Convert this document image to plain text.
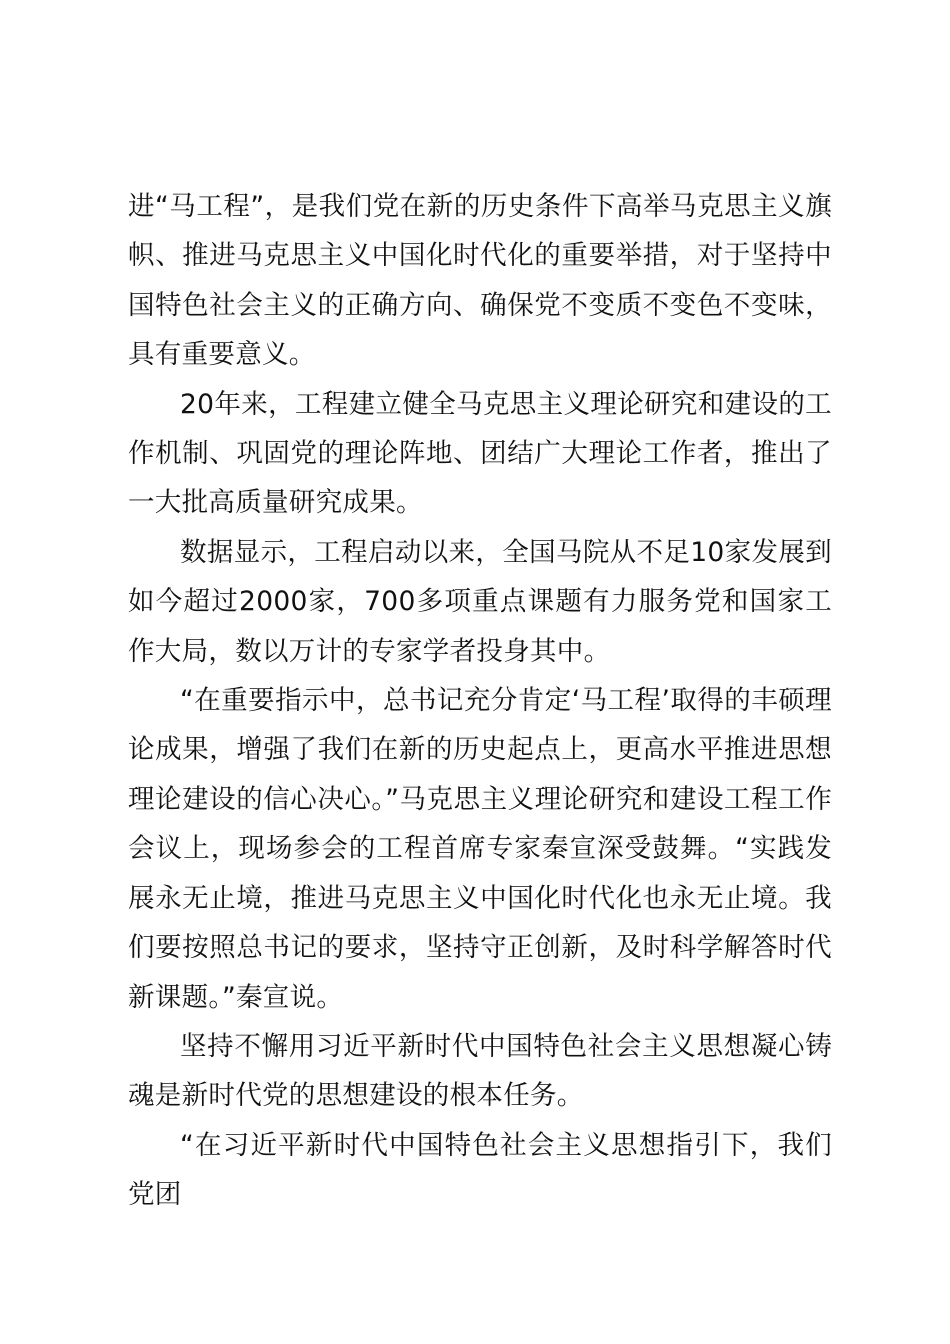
进“马工程”，是我们党在新的历史条件下高举马克思主义旗帜、推进马克思主义中国化时代化的重要举措，对于坚持中国特色社会主义的正确方向、确保党不变质不变色不变味，具有重要意义。

20年来，工程建立健全马克思主义理论研究和建设的工作机制、巩固党的理论阵地、团结广大理论工作者，推出了一大批高质量研究成果。

数据显示，工程启动以来，全国马院从不足10家发展到如今超过2000家，700多项重点课题有力服务党和国家工作大局，数以万计的专家学者投身其中。

“在重要指示中，总书记充分肯定‘马工程’取得的丰硕理论成果，增强了我们在新的历史起点上，更高水平推进思想理论建设的信心决心。”马克思主义理论研究和建设工程工作会议上，现场参会的工程首席专家秦宣深受鼓舞。“实践发展永无止境，推进马克思主义中国化时代化也永无止境。我们要按照总书记的要求，坚持守正创新，及时科学解答时代新课题。”秦宣说。

坚持不懈用习近平新时代中国特色社会主义思想凝心铸魂是新时代党的思想建设的根本任务。

“在习近平新时代中国特色社会主义思想指引下，我们党团
